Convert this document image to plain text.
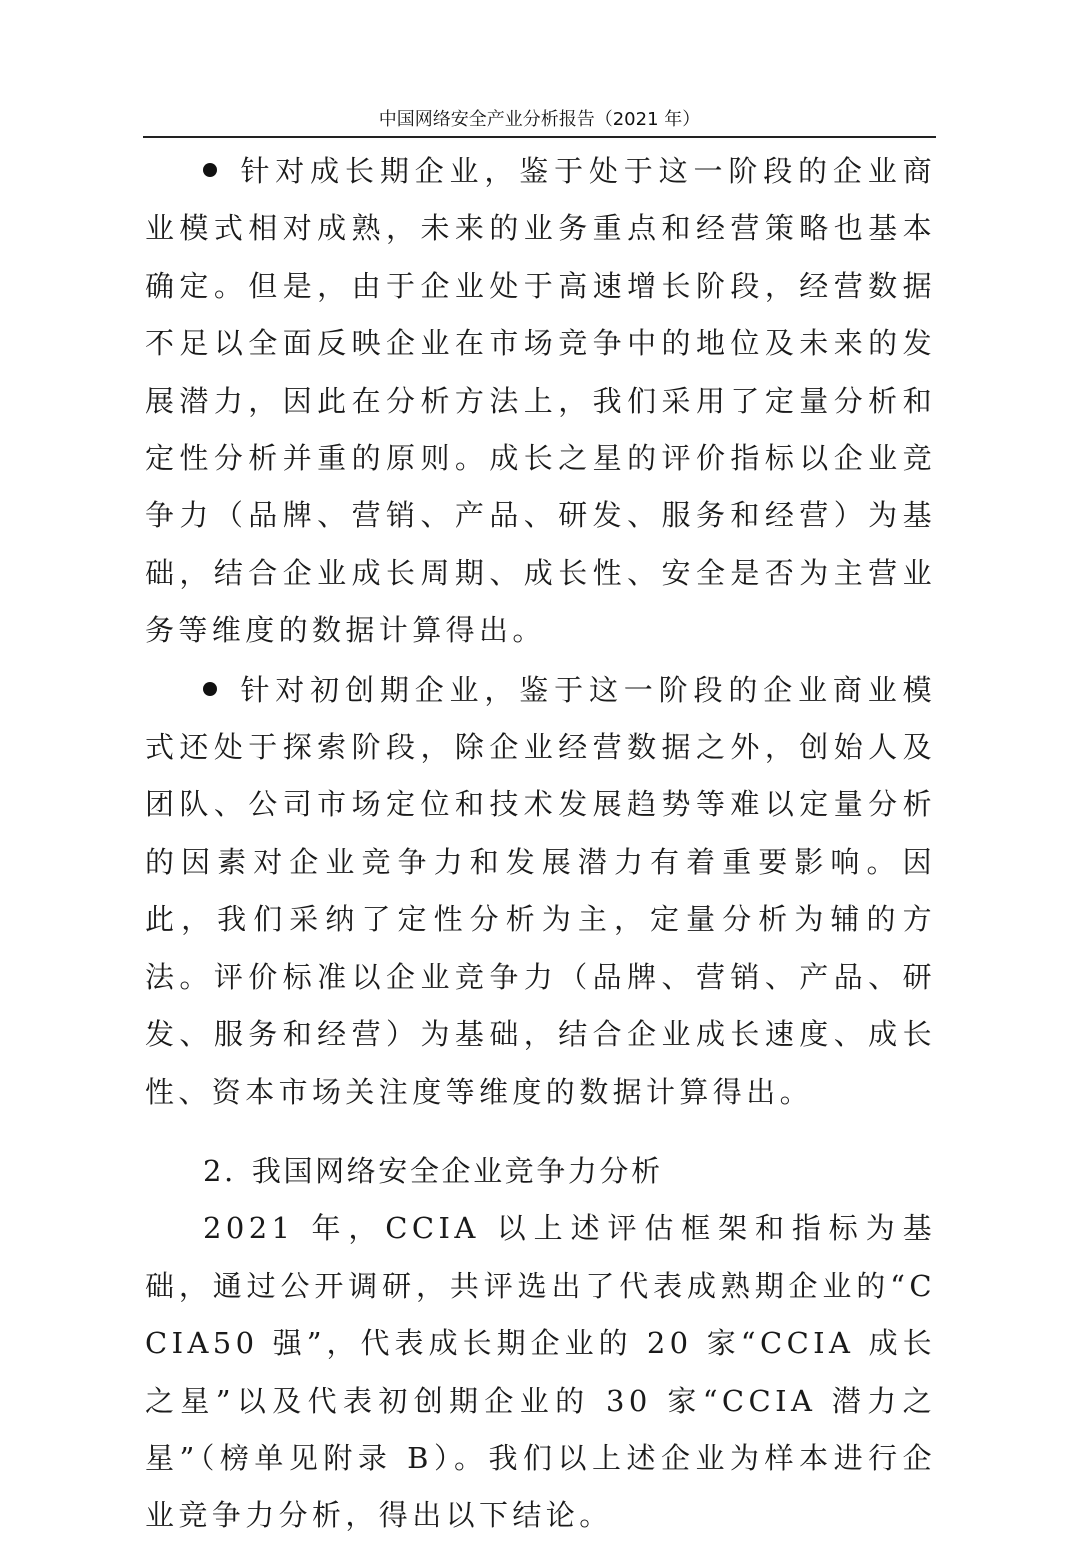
中国网络安全产业分析报告（2021 年）

针对成长期企业，鉴于处于这一阶段的企业商业模式相对成熟，未来的业务重点和经营策略也基本确定。但是，由于企业处于高速增长阶段，经营数据不足以全面反映企业在市场竞争中的地位及未来的发展潜力，因此在分析方法上，我们采用了定量分析和定性分析并重的原则。成长之星的评价指标以企业竞争力（品牌、营销、产品、研发、服务和经营）为基础，结合企业成长周期、成长性、安全是否为主营业务等维度的数据计算得出。

针对初创期企业，鉴于这一阶段的企业商业模式还处于探索阶段，除企业经营数据之外，创始人及团队、公司市场定位和技术发展趋势等难以定量分析的因素对企业竞争力和发展潜力有着重要影响。因此，我们采纳了定性分析为主，定量分析为辅的方法。评价标准以企业竞争力（品牌、营销、产品、研发、服务和经营）为基础，结合企业成长速度、成长性、资本市场关注度等维度的数据计算得出。

2. 我国网络安全企业竞争力分析

2021 年，CCIA 以上述评估框架和指标为基础，通过公开调研，共评选出了代表成熟期企业的“CCIA50 强”，代表成长期企业的 20 家“CCIA 成长之星”以及代表初创期企业的 30 家“CCIA 潜力之星”（榜单见附录 B）。我们以上述企业为样本进行企业竞争力分析，得出以下结论。
